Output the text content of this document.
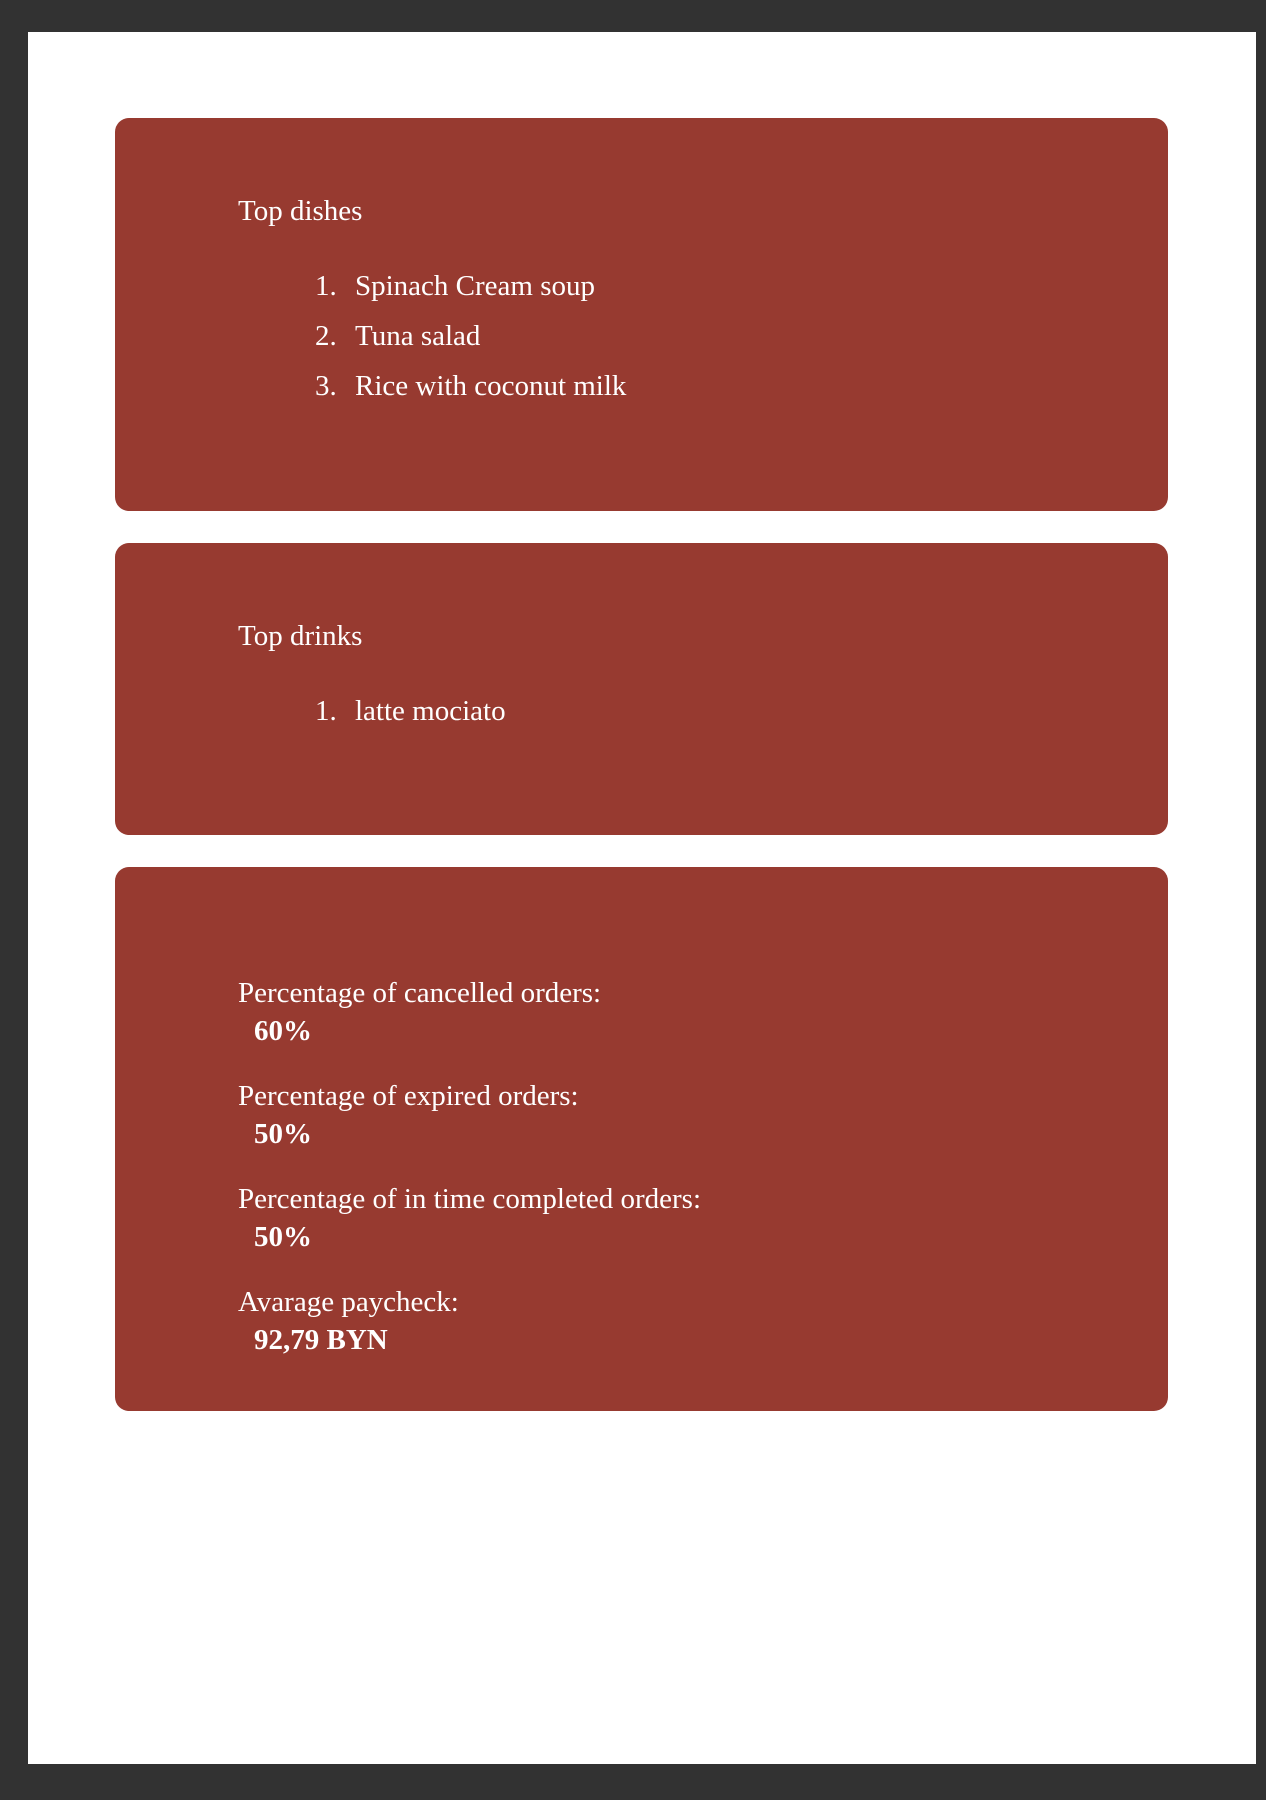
Top dishes
1. Spinach Cream soup
2. Tuna salad
3. Rice with coconut milk
Top drinks
1. latte mociato
Percentage of cancelled orders:
60%
Percentage of expired orders:
50%
Percentage of in time completed orders:
50%
Avarage paycheck:
92,79 BYN
